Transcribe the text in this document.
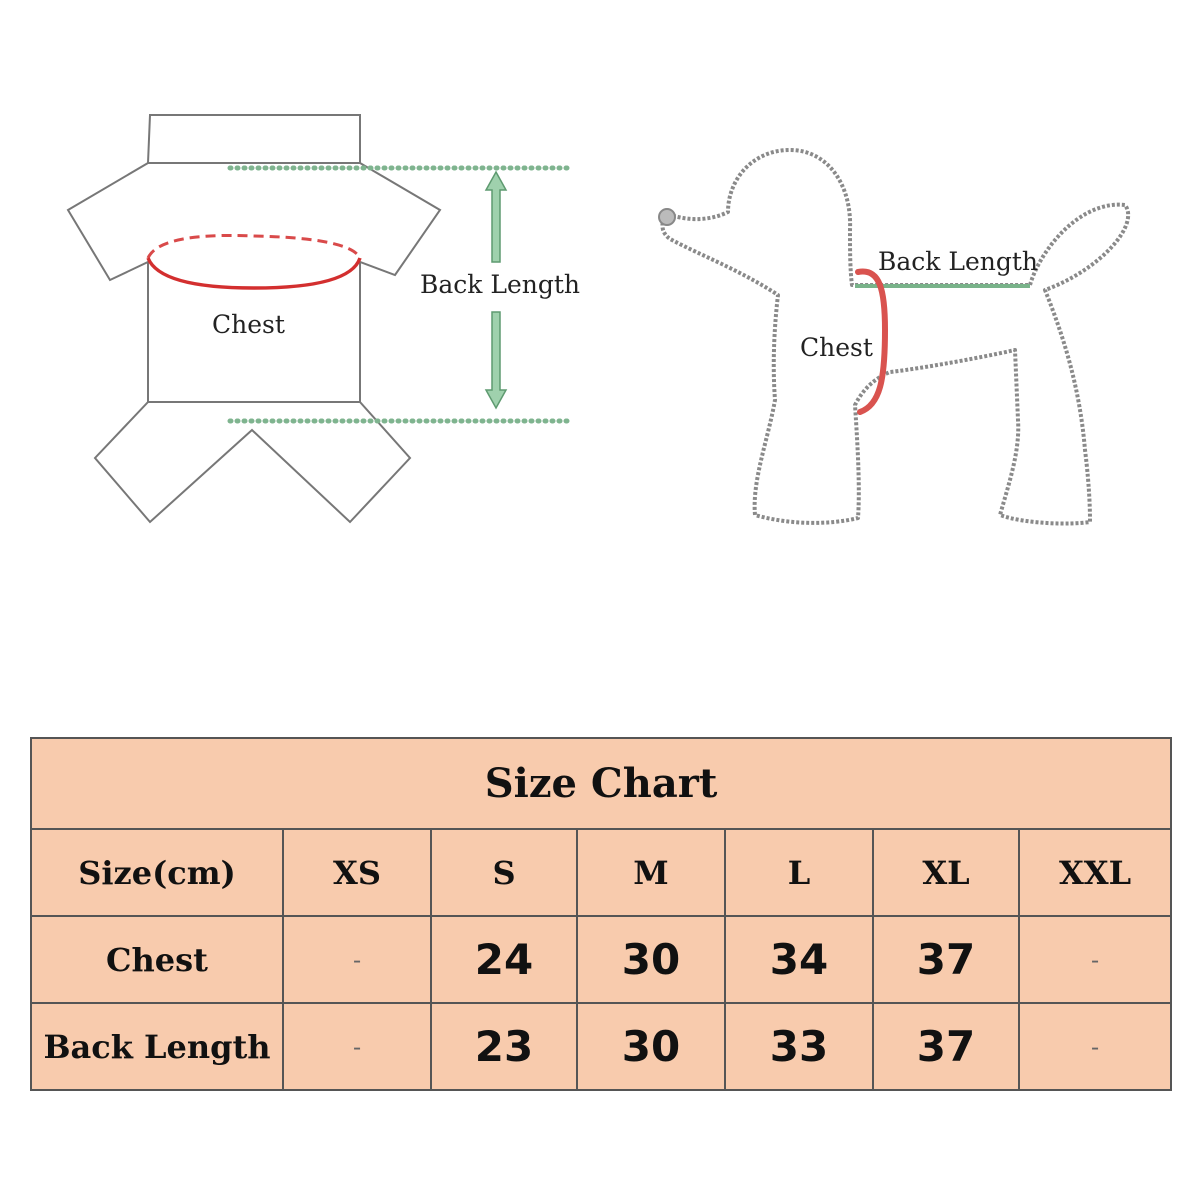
Chest
Back Length
Chest
Back Length
Size Chart						
Size(cm)	XS	S	M	L	XL	XXL
Chest	-	24	30	34	37	-
Back Length	-	23	30	33	37	-
